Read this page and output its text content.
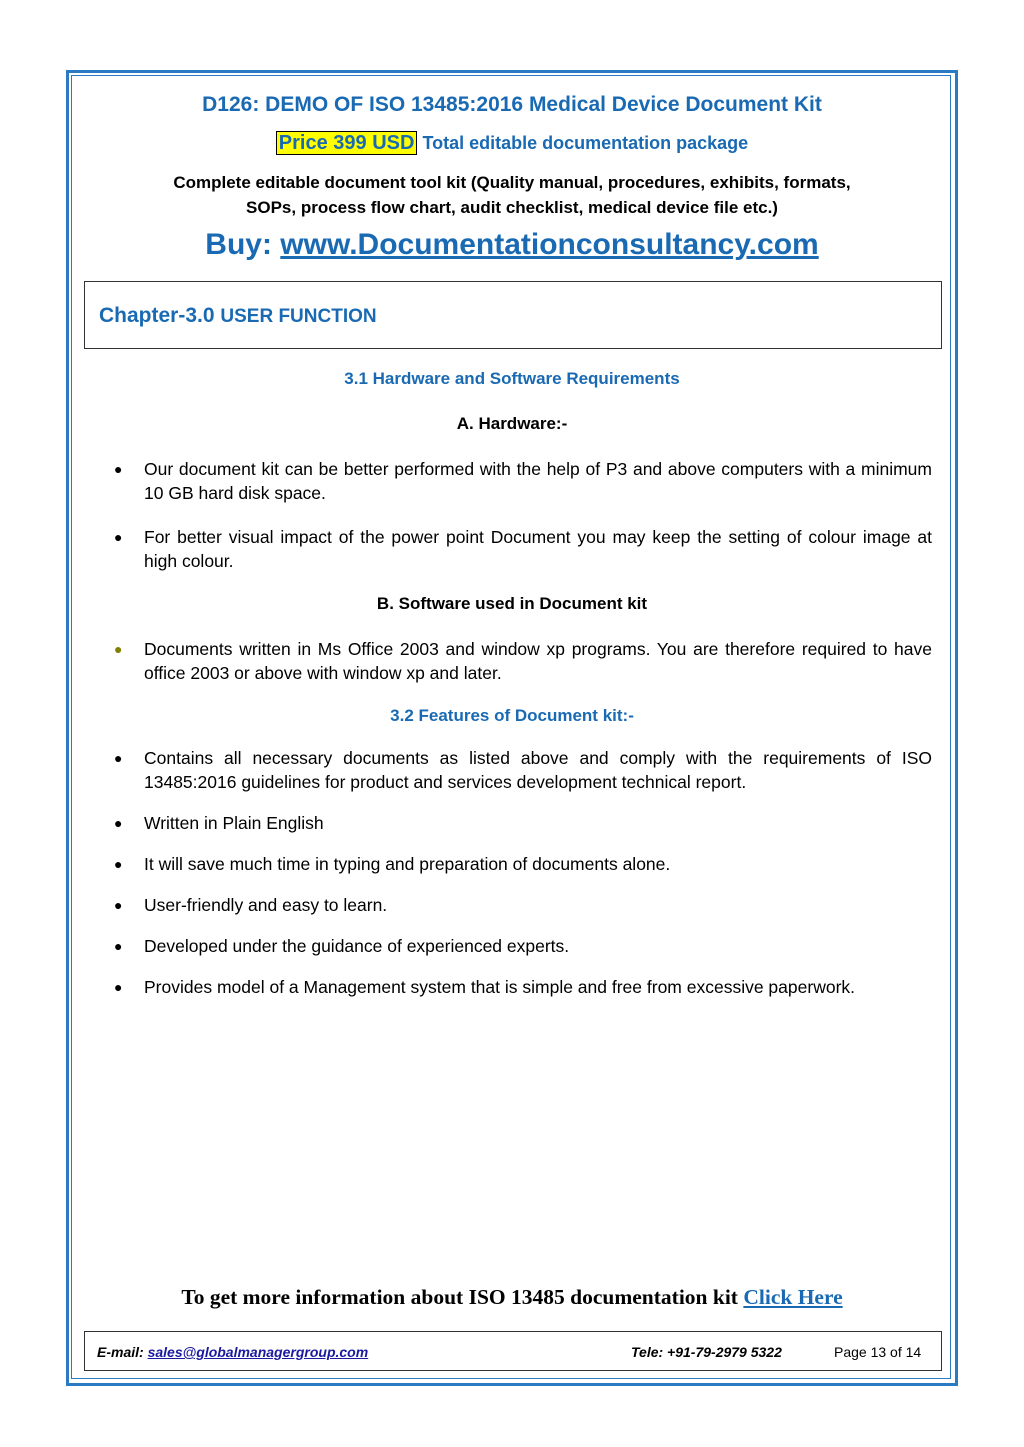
D126: DEMO OF ISO 13485:2016 Medical Device Document Kit
Price 399 USD Total editable documentation package
Complete editable document tool kit (Quality manual, procedures, exhibits, formats,
SOPs, process flow chart, audit checklist, medical device file etc.)
Buy: www.Documentationconsultancy.com
Chapter-3.0 USER FUNCTION
3.1 Hardware and Software Requirements
A. Hardware:-
● Our document kit can be better performed with the help of P3 and above computers with a minimum 10 GB hard disk space.
● For better visual impact of the power point Document you may keep the setting of colour image at high colour.
B. Software used in Document kit
● Documents written in Ms Office 2003 and window xp programs. You are therefore required to have office 2003 or above with window xp and later.
3.2 Features of Document kit:-
● Contains all necessary documents as listed above and comply with the requirements of ISO 13485:2016 guidelines for product and services development technical report.
● Written in Plain English
● It will save much time in typing and preparation of documents alone.
● User-friendly and easy to learn.
● Developed under the guidance of experienced experts.
● Provides model of a Management system that is simple and free from excessive paperwork.
To get more information about ISO 13485 documentation kit Click Here
E-mail: sales@globalmanagergroup.com	Tele: +91-79-2979 5322	Page 13 of 14
